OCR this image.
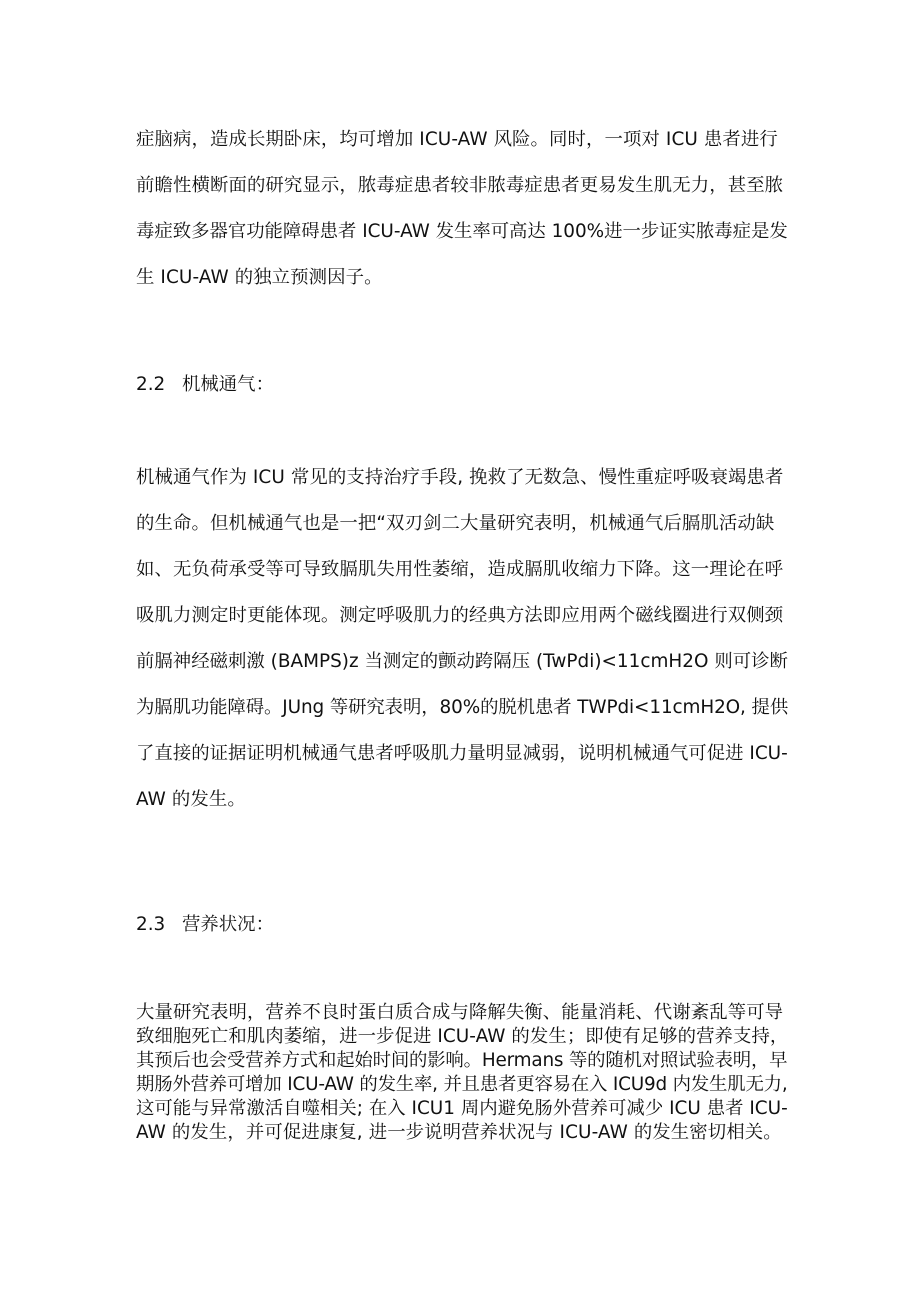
症脑病，造成长期卧床，均可增加 ICU-AW 风险。同时，一项对 ICU 患者进行
前瞻性横断面的研究显示，脓毒症患者较非脓毒症患者更易发生肌无力，甚至脓
毒症致多器官功能障碍患者 ICU-AW 发生率可高达 100%进一步证实脓毒症是发
生 ICU-AW 的独立预测因子。
2.2 机械通气：
机械通气作为 ICU 常见的支持治疗手段, 挽救了无数急、慢性重症呼吸衰竭患者
的生命。但机械通气也是一把“双刃剑二大量研究表明，机械通气后膈肌活动缺
如、无负荷承受等可导致膈肌失用性萎缩，造成膈肌收缩力下降。这一理论在呼
吸肌力测定时更能体现。测定呼吸肌力的经典方法即应用两个磁线圈进行双侧颈
前膈神经磁刺激 (BAMPS)z 当测定的颤动跨隔压 (TwPdi)<11cmH2O 则可诊断
为膈肌功能障碍。JUng 等研究表明，80%的脱机患者 TWPdi<11cmH2O, 提供
了直接的证据证明机械通气患者呼吸肌力量明显减弱，说明机械通气可促进 ICU-
AW 的发生。
2.3 营养状况：
大量研究表明，营养不良时蛋白质合成与降解失衡、能量消耗、代谢紊乱等可导
致细胞死亡和肌肉萎缩，进一步促进 ICU-AW 的发生；即使有足够的营养支持，
其预后也会受营养方式和起始时间的影响。Hermans 等的随机对照试验表明，早
期肠外营养可增加 ICU-AW 的发生率, 并且患者更容易在入 ICU9d 内发生肌无力,
这可能与异常激活自噬相关; 在入 ICU1 周内避免肠外营养可减少 ICU 患者 ICU-
AW 的发生，并可促进康复, 进一步说明营养状况与 ICU-AW 的发生密切相关。
